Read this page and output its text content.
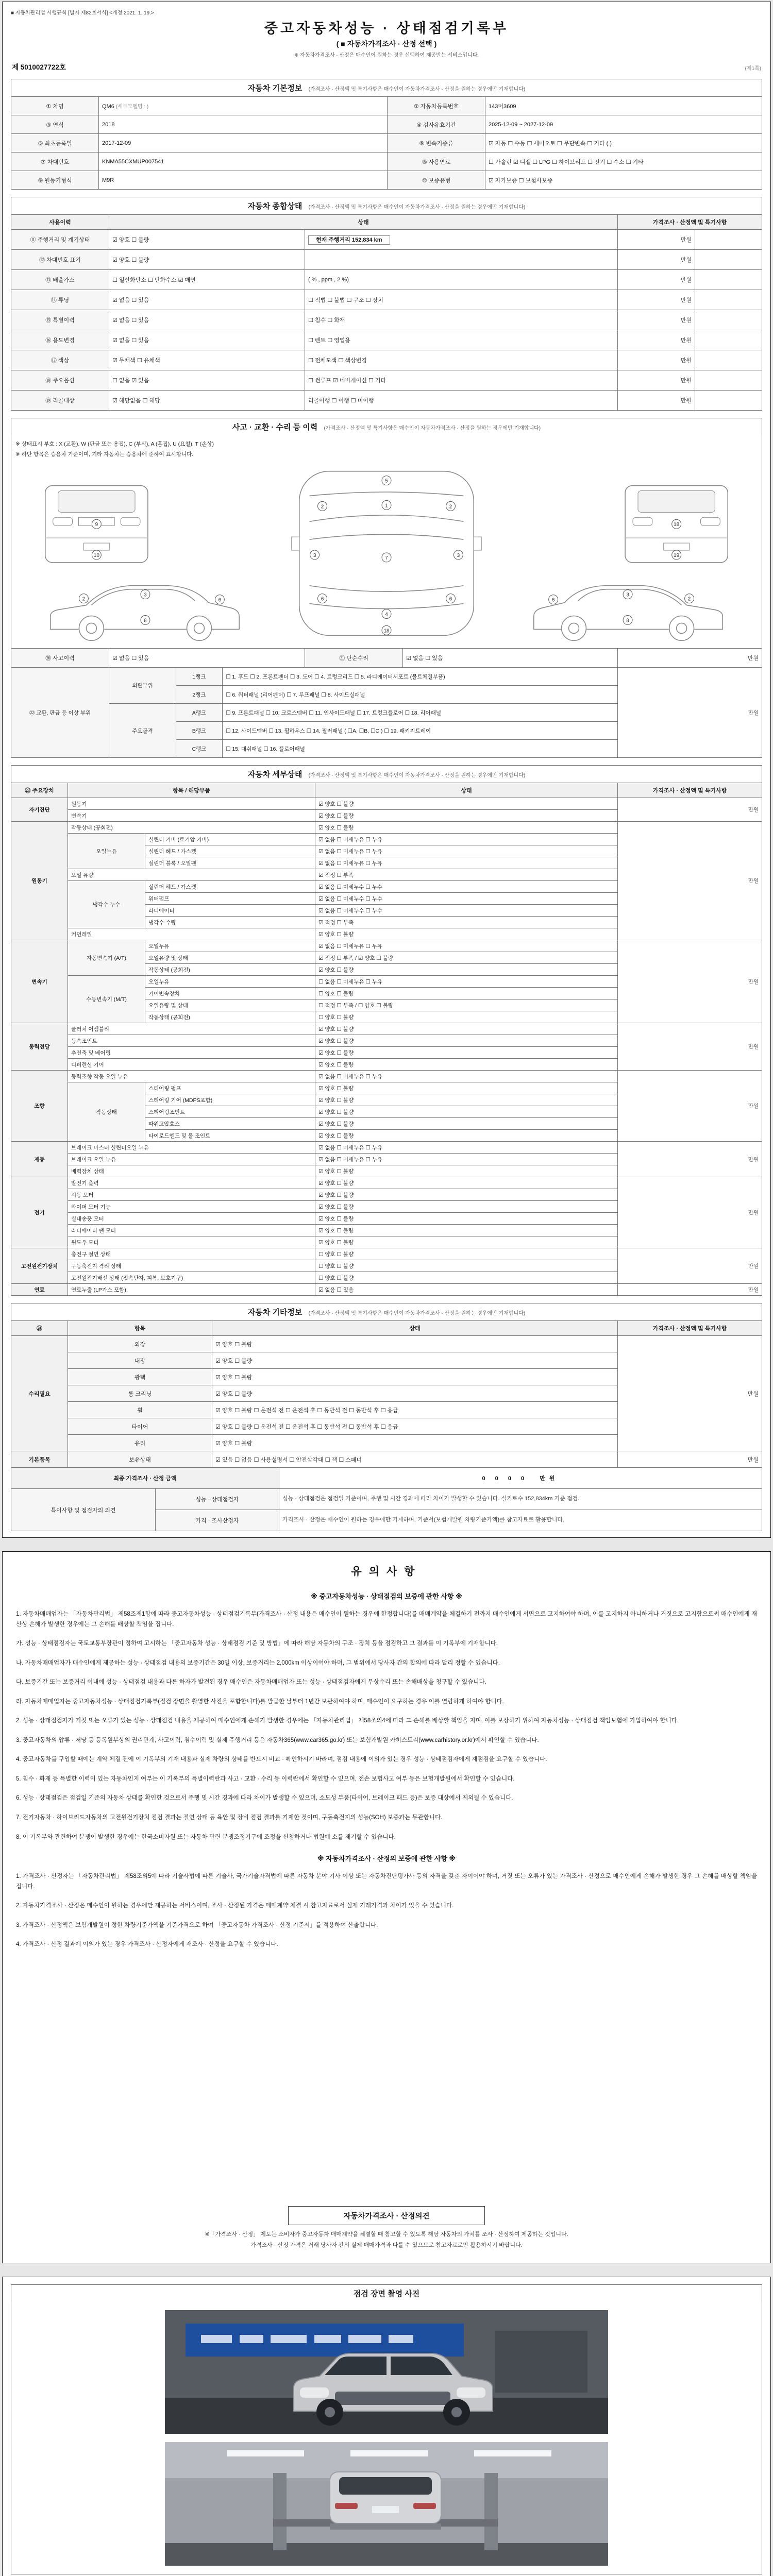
■ 자동차관리법 시행규칙 [별지 제82호서식] <개정 2021. 1. 19.>
중고자동차성능 · 상태점검기록부
( ■ 자동차가격조사 · 산정 선택 )
※ 자동차가격조사 · 산정은 매수인이 원하는 경우 선택하여 제공받는 서비스입니다.
제 5010027722호	(제1쪽)
자동차 기본정보 (가격조사 · 산정액 및 특기사항은 매수인이 자동차가격조사 · 산정을 원하는 경우에만 기재합니다)
① 차명	QM6 (세부모델명 : )	② 자동차등록번호	143머3609
③ 연식	2018	④ 검사유효기간	2025-12-09 ~ 2027-12-09
⑤ 최초등록일	2017-12-09	⑥ 변속기종류	☑ 자동 ☐ 수동 ☐ 세미오토 ☐ 무단변속 ☐ 기타 ( )
⑦ 차대번호	KNMA55CXMUP007541	⑧ 사용연료	☐ 가솔린 ☑ 디젤 ☐ LPG ☐ 하이브리드 ☐ 전기 ☐ 수소 ☐ 기타
⑨ 원동기형식	M9R	⑩ 보증유형	☑ 자가보증 ☐ 보험사보증
자동차 종합상태 (가격조사 · 산정액 및 특기사항은 매수인이 자동차가격조사 · 산정을 원하는 경우에만 기재합니다)
사용이력	상태		가격조사 · 산정액 및 특기사항	
⑪ 주행거리 및 계기상태	☑ 양호 ☐ 불량	현재 주행거리 152,834 km	만원	
⑫ 차대번호 표기	☑ 양호 ☐ 불량		만원	
⑬ 배출가스	☐ 일산화탄소 ☐ 탄화수소 ☑ 매연	( % , ppm , 2 %)	만원	
⑭ 튜닝	☑ 없음 ☐ 있음	☐ 적법 ☐ 불법 ☐ 구조 ☐ 장치	만원	
⑮ 특별이력	☑ 없음 ☐ 있음	☐ 침수 ☐ 화재	만원	
⑯ 용도변경	☑ 없음 ☐ 있음	☐ 렌트 ☐ 영업용	만원	
⑰ 색상	☑ 무채색 ☐ 유채색	☐ 전체도색 ☐ 색상변경	만원	
⑱ 주요옵션	☐ 없음 ☑ 있음	☐ 썬루프 ☑ 네비게이션 ☐ 기타	만원	
⑲ 리콜대상	☑ 해당없음 ☐ 해당	리콜이행 ☐ 이행 ☐ 미이행	만원	
사고 · 교환 · 수리 등 이력 (가격조사 · 산정액 및 특기사항은 매수인이 자동차가격조사 · 산정을 원하는 경우에만 기재합니다)
※ 상태표시 부호 : X (교환), W (판금 또는 용접), C (부식), A (흠집), U (요철), T (손상)
※ 하단 항목은 승용차 기준이며, 기타 자동차는 승용차에 준하여 표시합니다.
5
1
7
4
18
2	2
3	3
6	6
9
10
18
19
2
3
6
8
2
3
6
8
⑳ 사고이력	☑ 없음 ☐ 있음	㉑ 단순수리	☑ 없음 ☐ 있음	만원
㉒ 교환, 판금 등 이상 부위	외판부위	1랭크	☐ 1. 후드 ☐ 2. 프론트펜더 ☐ 3. 도어 ☐ 4. 트렁크리드 ☐ 5. 라디에이터서포트 (볼트체결부품)	만원
		2랭크	☐ 6. 쿼터패널 (리어펜더) ☐ 7. 루프패널 ☐ 8. 사이드실패널	
	주요골격	A랭크	☐ 9. 프론트패널 ☐ 10. 크로스멤버 ☐ 11. 인사이드패널 ☐ 17. 트렁크플로어 ☐ 18. 리어패널	
		B랭크	☐ 12. 사이드멤버 ☐ 13. 휠하우스 ☐ 14. 필러패널 ( ☐A, ☐B, ☐C ) ☐ 19. 패키지트레이	
		C랭크	☐ 15. 대쉬패널 ☐ 16. 플로어패널	
자동차 세부상태 (가격조사 · 산정액 및 특기사항은 매수인이 자동차가격조사 · 산정을 원하는 경우에만 기재합니다)
㉓ 주요장치	항목 / 해당부품		상태	가격조사 · 산정액 및 특기사항
자기진단	원동기		☑ 양호 ☐ 불량	만원
	변속기		☑ 양호 ☐ 불량	
원동기	작동상태 (공회전)		☑ 양호 ☐ 불량	만원
	오일누유	실린더 커버 (로커암 커버)	☑ 없음 ☐ 미세누유 ☐ 누유	
		실린더 헤드 / 가스켓	☑ 없음 ☐ 미세누유 ☐ 누유	
		실린더 블록 / 오일팬	☑ 없음 ☐ 미세누유 ☐ 누유	
	오일 유량		☑ 적정 ☐ 부족	
	냉각수 누수	실린더 헤드 / 가스켓	☑ 없음 ☐ 미세누수 ☐ 누수	
		워터펌프	☑ 없음 ☐ 미세누수 ☐ 누수	
		라디에이터	☑ 없음 ☐ 미세누수 ☐ 누수	
		냉각수 수량	☑ 적정 ☐ 부족	
	커먼레일		☑ 양호 ☐ 불량	
변속기	자동변속기 (A/T)	오일누유	☑ 없음 ☐ 미세누유 ☐ 누유	만원
		오일유량 및 상태	☑ 적정 ☐ 부족 / ☑ 양호 ☐ 불량	
		작동상태 (공회전)	☑ 양호 ☐ 불량	
	수동변속기 (M/T)	오일누유	☐ 없음 ☐ 미세누유 ☐ 누유	
		기어변속장치	☐ 양호 ☐ 불량	
		오일유량 및 상태	☐ 적정 ☐ 부족 / ☐ 양호 ☐ 불량	
		작동상태 (공회전)	☐ 양호 ☐ 불량	
동력전달	클러치 어셈블리		☑ 양호 ☐ 불량	만원
	등속조인트		☑ 양호 ☐ 불량	
	추진축 및 베어링		☑ 양호 ☐ 불량	
	디퍼렌셜 기어		☑ 양호 ☐ 불량	
조향	동력조향 작동 오일 누유		☑ 없음 ☐ 미세누유 ☐ 누유	만원
	작동상태	스티어링 펌프	☑ 양호 ☐ 불량	
		스티어링 기어 (MDPS포함)	☑ 양호 ☐ 불량	
		스티어링조인트	☑ 양호 ☐ 불량	
		파워고압호스	☑ 양호 ☐ 불량	
		타이로드엔드 및 볼 조인트	☑ 양호 ☐ 불량	
제동	브레이크 마스터 실린더오일 누유		☑ 없음 ☐ 미세누유 ☐ 누유	만원
	브레이크 오일 누유		☑ 없음 ☐ 미세누유 ☐ 누유	
	배력장치 상태		☑ 양호 ☐ 불량	
전기	발전기 출력		☑ 양호 ☐ 불량	만원
	시동 모터		☑ 양호 ☐ 불량	
	와이퍼 모터 기능		☑ 양호 ☐ 불량	
	실내송풍 모터		☑ 양호 ☐ 불량	
	라디에이터 팬 모터		☑ 양호 ☐ 불량	
	윈도우 모터		☑ 양호 ☐ 불량	
고전원전기장치	충전구 절연 상태		☐ 양호 ☐ 불량	만원
	구동축전지 격리 상태		☐ 양호 ☐ 불량	
	고전원전기배선 상태 (접속단자, 피복, 보호기구)		☐ 양호 ☐ 불량	
연료	연료누출 (LP가스 포함)		☑ 없음 ☐ 있음	만원
자동차 기타정보 (가격조사 · 산정액 및 특기사항은 매수인이 자동차가격조사 · 산정을 원하는 경우에만 기재합니다)
㉔	항목	상태	가격조사 · 산정액 및 특기사항
수리필요	외장	☑ 양호 ☐ 불량	만원
	내장	☑ 양호 ☐ 불량	
	광택	☑ 양호 ☐ 불량	
	룸 크리닝	☑ 양호 ☐ 불량	
	휠	☑ 양호 ☐ 불량 ☐ 운전석 전 ☐ 운전석 후 ☐ 동반석 전 ☐ 동반석 후 ☐ 응급	
	타이어	☑ 양호 ☐ 불량 ☐ 운전석 전 ☐ 운전석 후 ☐ 동반석 전 ☐ 동반석 후 ☐ 응급	
	유리	☑ 양호 ☐ 불량	
기본품목	보유상태	☑ 있음 ☐ 없음 ☐ 사용설명서 ☐ 안전삼각대 ☐ 잭 ☐ 스패너	만원
최종 가격조사 · 산정 금액		0 0 0 0 만원
특이사항 및 점검자의 의견	성능 · 상태점검자	성능 · 상태점검은 점검일 기준이며, 주행 및 시간 경과에 따라 차이가 발생할 수 있습니다. 실키로수 152,834km 기준 점검.
	가격 · 조사산정자	가격조사 · 산정은 매수인이 원하는 경우에만 기재하며, 기준서(보험개발원 차량기준가액)를 참고자료로 활용합니다.
유의사항
※ 중고자동차성능 · 상태점검의 보증에 관한 사항 ※

1. 자동차매매업자는 「자동차관리법」 제58조제1항에 따라 중고자동차성능 · 상태점검기록부(가격조사 · 산정 내용은 매수인이 원하는 경우에 한정합니다)를 매매계약을 체결하기 전까지 매수인에게 서면으로 고지하여야 하며, 이를 고지하지 아니하거나 거짓으로 고지함으로써 매수인에게 재산상 손해가 발생한 경우에는 그 손해를 배상할 책임을 집니다.

가. 성능 · 상태점검자는 국토교통부장관이 정하여 고시하는 「중고자동차 성능 · 상태점검 기준 및 방법」에 따라 해당 자동차의 구조 · 장치 등을 점검하고 그 결과를 이 기록부에 기재합니다.

나. 자동차매매업자가 매수인에게 제공하는 성능 · 상태점검 내용의 보증기간은 30일 이상, 보증거리는 2,000km 이상이어야 하며, 그 범위에서 당사자 간의 합의에 따라 달리 정할 수 있습니다.

다. 보증기간 또는 보증거리 이내에 성능 · 상태점검 내용과 다른 하자가 발견된 경우 매수인은 자동차매매업자 또는 성능 · 상태점검자에게 무상수리 또는 손해배상을 청구할 수 있습니다.

라. 자동차매매업자는 중고자동차성능 · 상태점검기록부(점검 장면을 촬영한 사진을 포함합니다)를 발급한 날부터 1년간 보관하여야 하며, 매수인이 요구하는 경우 이를 열람하게 하여야 합니다.

2. 성능 · 상태점검자가 거짓 또는 오류가 있는 성능 · 상태점검 내용을 제공하여 매수인에게 손해가 발생한 경우에는 「자동차관리법」 제58조의4에 따라 그 손해를 배상할 책임을 지며, 이를 보장하기 위하여 자동차성능 · 상태점검 책임보험에 가입하여야 합니다.

3. 중고자동차의 압류 · 저당 등 등록원부상의 권리관계, 사고이력, 침수이력 및 실제 주행거리 등은 자동차365(www.car365.go.kr) 또는 보험개발원 카히스토리(www.carhistory.or.kr)에서 확인할 수 있습니다.

4. 중고자동차를 구입할 때에는 계약 체결 전에 이 기록부의 기재 내용과 실제 차량의 상태를 반드시 비교 · 확인하시기 바라며, 점검 내용에 이의가 있는 경우 성능 · 상태점검자에게 재점검을 요구할 수 있습니다.

5. 침수 · 화재 등 특별한 이력이 있는 자동차인지 여부는 이 기록부의 특별이력란과 사고 · 교환 · 수리 등 이력란에서 확인할 수 있으며, 전손 보험사고 여부 등은 보험개발원에서 확인할 수 있습니다.

6. 성능 · 상태점검은 점검일 기준의 자동차 상태를 확인한 것으로서 주행 및 시간 경과에 따라 차이가 발생할 수 있으며, 소모성 부품(타이어, 브레이크 패드 등)은 보증 대상에서 제외될 수 있습니다.

7. 전기자동차 · 하이브리드자동차의 고전원전기장치 점검 결과는 절연 상태 등 육안 및 장비 점검 결과를 기재한 것이며, 구동축전지의 성능(SOH) 보증과는 무관합니다.

8. 이 기록부와 관련하여 분쟁이 발생한 경우에는 한국소비자원 또는 자동차 관련 분쟁조정기구에 조정을 신청하거나 법원에 소를 제기할 수 있습니다.

※ 자동차가격조사 · 산정의 보증에 관한 사항 ※

1. 가격조사 · 산정자는 「자동차관리법」 제58조의5에 따라 기술사법에 따른 기술사, 국가기술자격법에 따른 자동차 분야 기사 이상 또는 자동차진단평가사 등의 자격을 갖춘 자이어야 하며, 거짓 또는 오류가 있는 가격조사 · 산정으로 매수인에게 손해가 발생한 경우 그 손해를 배상할 책임을 집니다.

2. 자동차가격조사 · 산정은 매수인이 원하는 경우에만 제공하는 서비스이며, 조사 · 산정된 가격은 매매계약 체결 시 참고자료로서 실제 거래가격과 차이가 있을 수 있습니다.

3. 가격조사 · 산정액은 보험개발원이 정한 차량기준가액을 기준가격으로 하여 「중고자동차 가격조사 · 산정 기준서」를 적용하여 산출합니다.

4. 가격조사 · 산정 결과에 이의가 있는 경우 가격조사 · 산정자에게 재조사 · 산정을 요구할 수 있습니다.

자동차가격조사 · 산정의견
※「가격조사 · 산정」 제도는 소비자가 중고자동차 매매계약을 체결할 때 참고할 수 있도록 해당 자동차의 가치를 조사 · 산정하여 제공하는 것입니다.
가격조사 · 산정 가격은 거래 당사자 간의 실제 매매가격과 다를 수 있으므로 참고자료로만 활용하시기 바랍니다.
점검 장면 촬영 사진
